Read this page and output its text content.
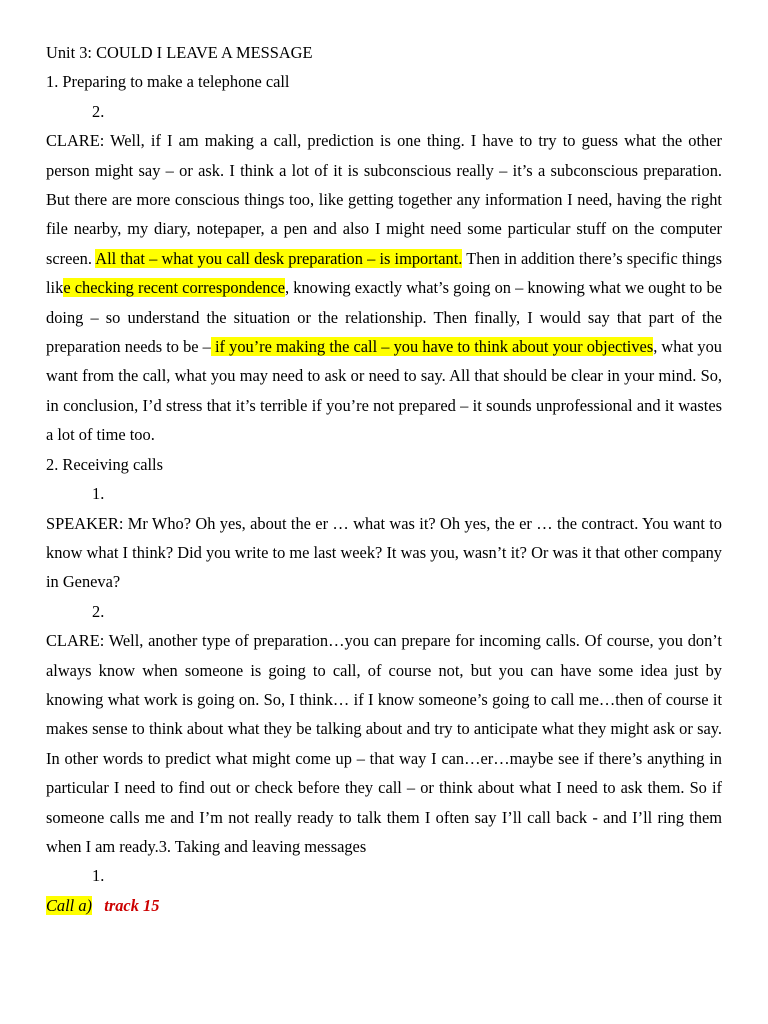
Unit 3: COULD I LEAVE A MESSAGE

1. Preparing to make a telephone call

2.

CLARE: Well, if I am making a call, prediction is one thing. I have to try to guess what the other person might say – or ask. I think a lot of it is subconscious really – it’s a subconscious preparation. But there are more conscious things too, like getting together any information I need, having the right file nearby, my diary, notepaper, a pen and also I might need some particular stuff on the computer screen. All that – what you call desk preparation – is important. Then in addition there’s specific things like checking recent correspondence, knowing exactly what’s going on – knowing what we ought to be doing – so understand the situation or the relationship. Then finally, I would say that part of the preparation needs to be – if you’re making the call – you have to think about your objectives, what you want from the call, what you may need to ask or need to say. All that should be clear in your mind. So, in conclusion, I’d stress that it’s terrible if you’re not prepared – it sounds unprofessional and it wastes a lot of time too.

2. Receiving calls

1.

SPEAKER: Mr Who? Oh yes, about the er … what was it? Oh yes, the er … the contract. You want to know what I think? Did you write to me last week? It was you, wasn’t it? Or was it that other company in Geneva?

2.

CLARE: Well, another type of preparation…you can prepare for incoming calls. Of course, you don’t always know when someone is going to call, of course not, but you can have some idea just by knowing what work is going on. So, I think… if I know someone’s going to call me…then of course it makes sense to think about what they be talking about and try to anticipate what they might ask or say. In other words to predict what might come up – that way I can…er…maybe see if there’s anything in particular I need to find out or check before they call – or think about what I need to ask them. So if someone calls me and I’m not really ready to talk them I often say I’ll call back - and I’ll ring them when I am ready.3. Taking and leaving messages

1.

Call a) track 15
